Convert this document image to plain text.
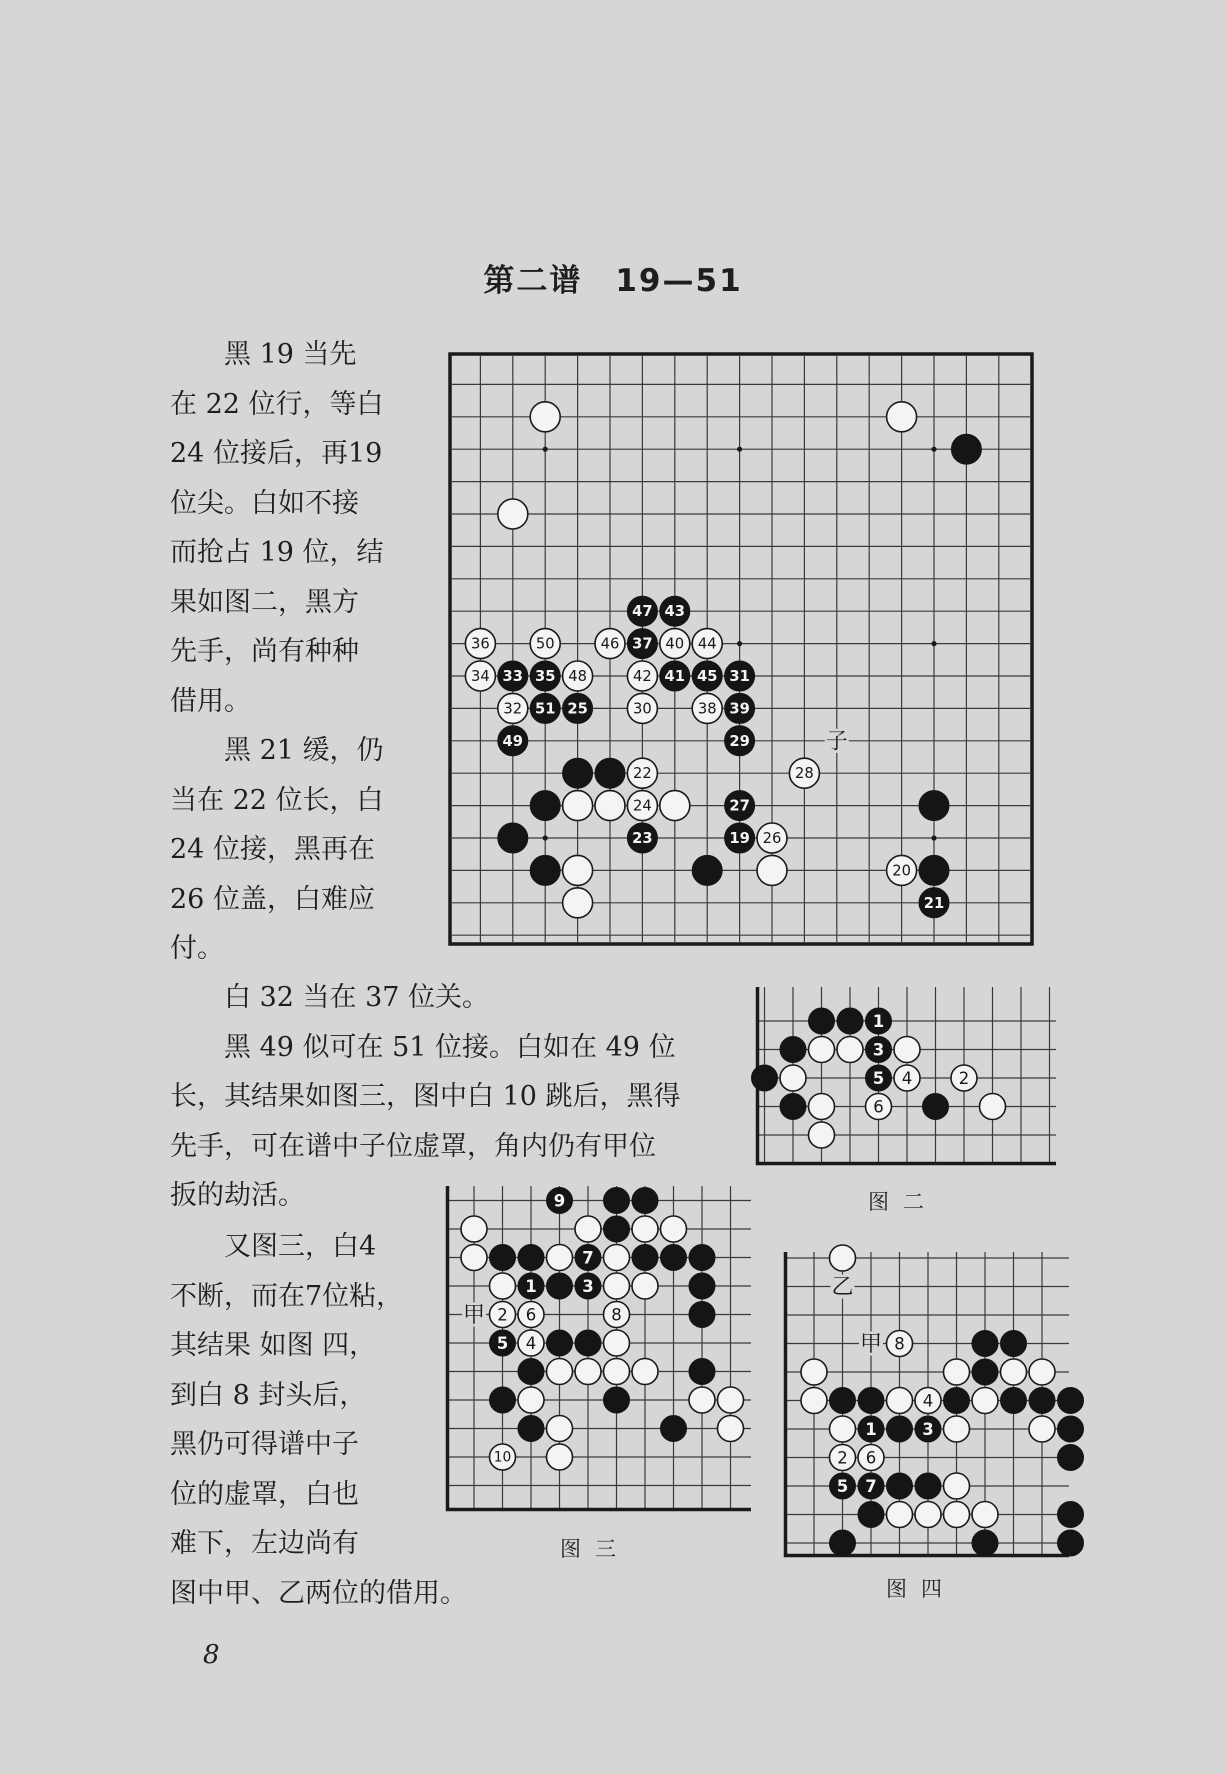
第二谱　19—51
　　黑 19 当先
在 22 位行，等白
24 位接后，再19
位尖。白如不接
而抢占 19 位，结
果如图二，黑方
先手，尚有种种
借用。
　　黑 21 缓，仍
当在 22 位长，白
24 位接，黑再在
26 位盖，白难应
付。
　　白 32 当在 37 位关。
　　黑 49 似可在 51 位接。白如在 49 位
长，其结果如图三，图中白 10 跳后，黑得
先手，可在谱中子位虚罩，角内仍有甲位
扳的劫活。
　　又图三，白4
不断，而在7位粘，
其结果 如图 四，
到白 8 封头后，
黑仍可得谱中子
位的虚罩，白也
难下，左边尚有
图中甲、乙两位的借用。
47 43
36	50	46 37 40 44
34 33 35 48	42 41 45 31
32 51 25	30	38 39
49	29
22	28
24	27
23	19 26
20
21
子
1
3
5 4	2
6
9
7
1	3
2 6	8
5 4
10
甲
8
4
1	3
2 6
5 7
乙
甲
图二
图三
图四
8
